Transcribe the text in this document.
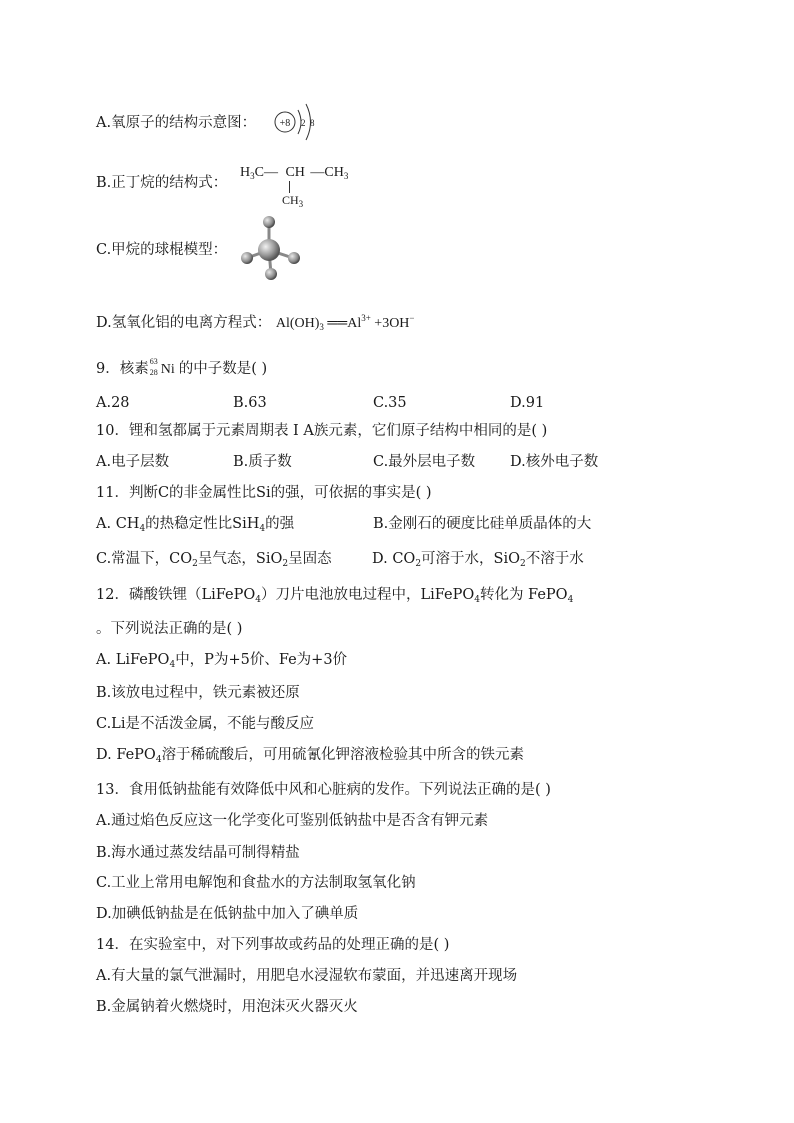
A.氧原子的结构示意图： +8 2 8
B.正丁烷的结构式：
$H_3C—$ CH $—CH_3$
$CH_3$
C.甲烷的球棍模型：
D.氢氧化铝的电离方程式： $Al(OH)_3$ $══Al^{3+} +3OH^-$
9．核素 63
28 Ni 的中子数是( )
A.28	B.63	C.35	D.91
10．锂和氢都属于元素周期表 I A族元素，它们原子结构中相同的是( )
A.电子层数	B.质子数	C.最外层电子数 D.核外电子数
11．判断C的非金属性比Si的强，可依据的事实是( )
A. $CH_4$的热稳定性比SiH$_4$的强	B.金刚石的硬度比硅单质晶体的大
C.常温下，$CO_2$呈气态，SiO$_2$呈固态	D. $CO_2$可溶于水，SiO$_2$不溶于水
12．磷酸铁锂（LiFePO$_4$）刀片电池放电过程中，LiFePO$_4$转化为 FePO$_4$
。下列说法正确的是( )
A. LiFePO$_4$中，P为+5价、Fe为+3价
B.该放电过程中，铁元素被还原
C.Li是不活泼金属，不能与酸反应
D. FePO$_4$溶于稀硫酸后，可用硫氰化钾溶液检验其中所含的铁元素
13．食用低钠盐能有效降低中风和心脏病的发作。下列说法正确的是( )
A.通过焰色反应这一化学变化可鉴别低钠盐中是否含有钾元素
B.海水通过蒸发结晶可制得精盐
C.工业上常用电解饱和食盐水的方法制取氢氧化钠
D.加碘低钠盐是在低钠盐中加入了碘单质
14．在实验室中，对下列事故或药品的处理正确的是( )
A.有大量的氯气泄漏时，用肥皂水浸湿软布蒙面，并迅速离开现场
B.金属钠着火燃烧时，用泡沫灭火器灭火
